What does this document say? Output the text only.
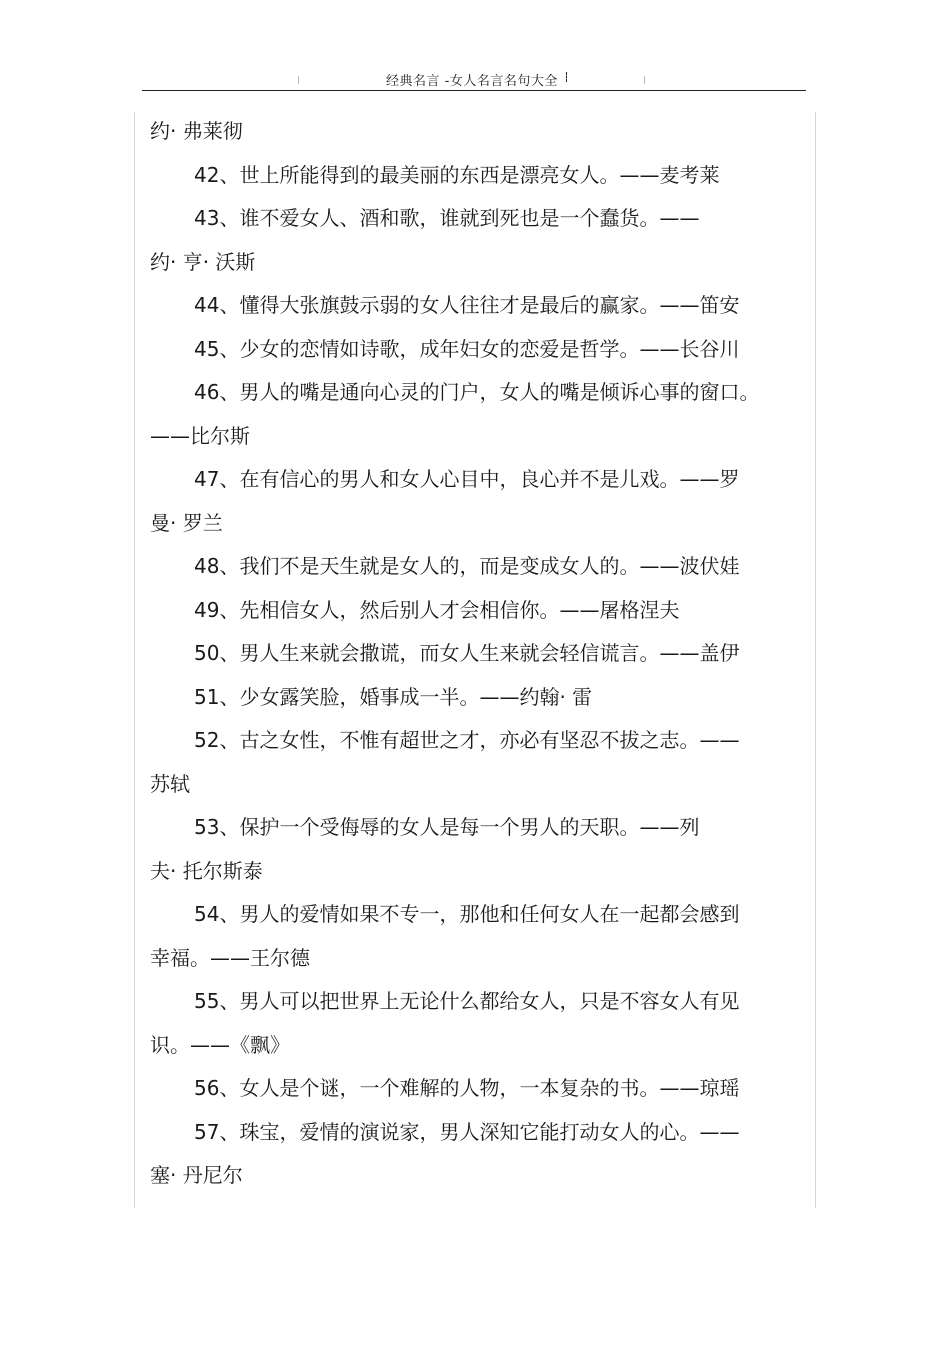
经典名言 -女人名言名句大全
约· 弗莱彻
42、世上所能得到的最美丽的东西是漂亮女人。——麦考莱
43、谁不爱女人、酒和歌，谁就到死也是一个蠢货。——
约· 亨· 沃斯
44、懂得大张旗鼓示弱的女人往往才是最后的赢家。——笛安
45、少女的恋情如诗歌，成年妇女的恋爱是哲学。——长谷川
46、男人的嘴是通向心灵的门户，女人的嘴是倾诉心事的窗口。
——比尔斯
47、在有信心的男人和女人心目中，良心并不是儿戏。——罗
曼· 罗兰
48、我们不是天生就是女人的，而是变成女人的。——波伏娃
49、先相信女人，然后别人才会相信你。——屠格涅夫
50、男人生来就会撒谎，而女人生来就会轻信谎言。——盖伊
51、少女露笑脸，婚事成一半。——约翰· 雷
52、古之女性，不惟有超世之才，亦必有坚忍不拔之志。——
苏轼
53、保护一个受侮辱的女人是每一个男人的天职。——列
夫· 托尔斯泰
54、男人的爱情如果不专一，那他和任何女人在一起都会感到
幸福。——王尔德
55、男人可以把世界上无论什么都给女人，只是不容女人有见
识。——《飘》
56、女人是个谜，一个难解的人物，一本复杂的书。——琼瑶
57、珠宝，爱情的演说家，男人深知它能打动女人的心。——
塞· 丹尼尔
